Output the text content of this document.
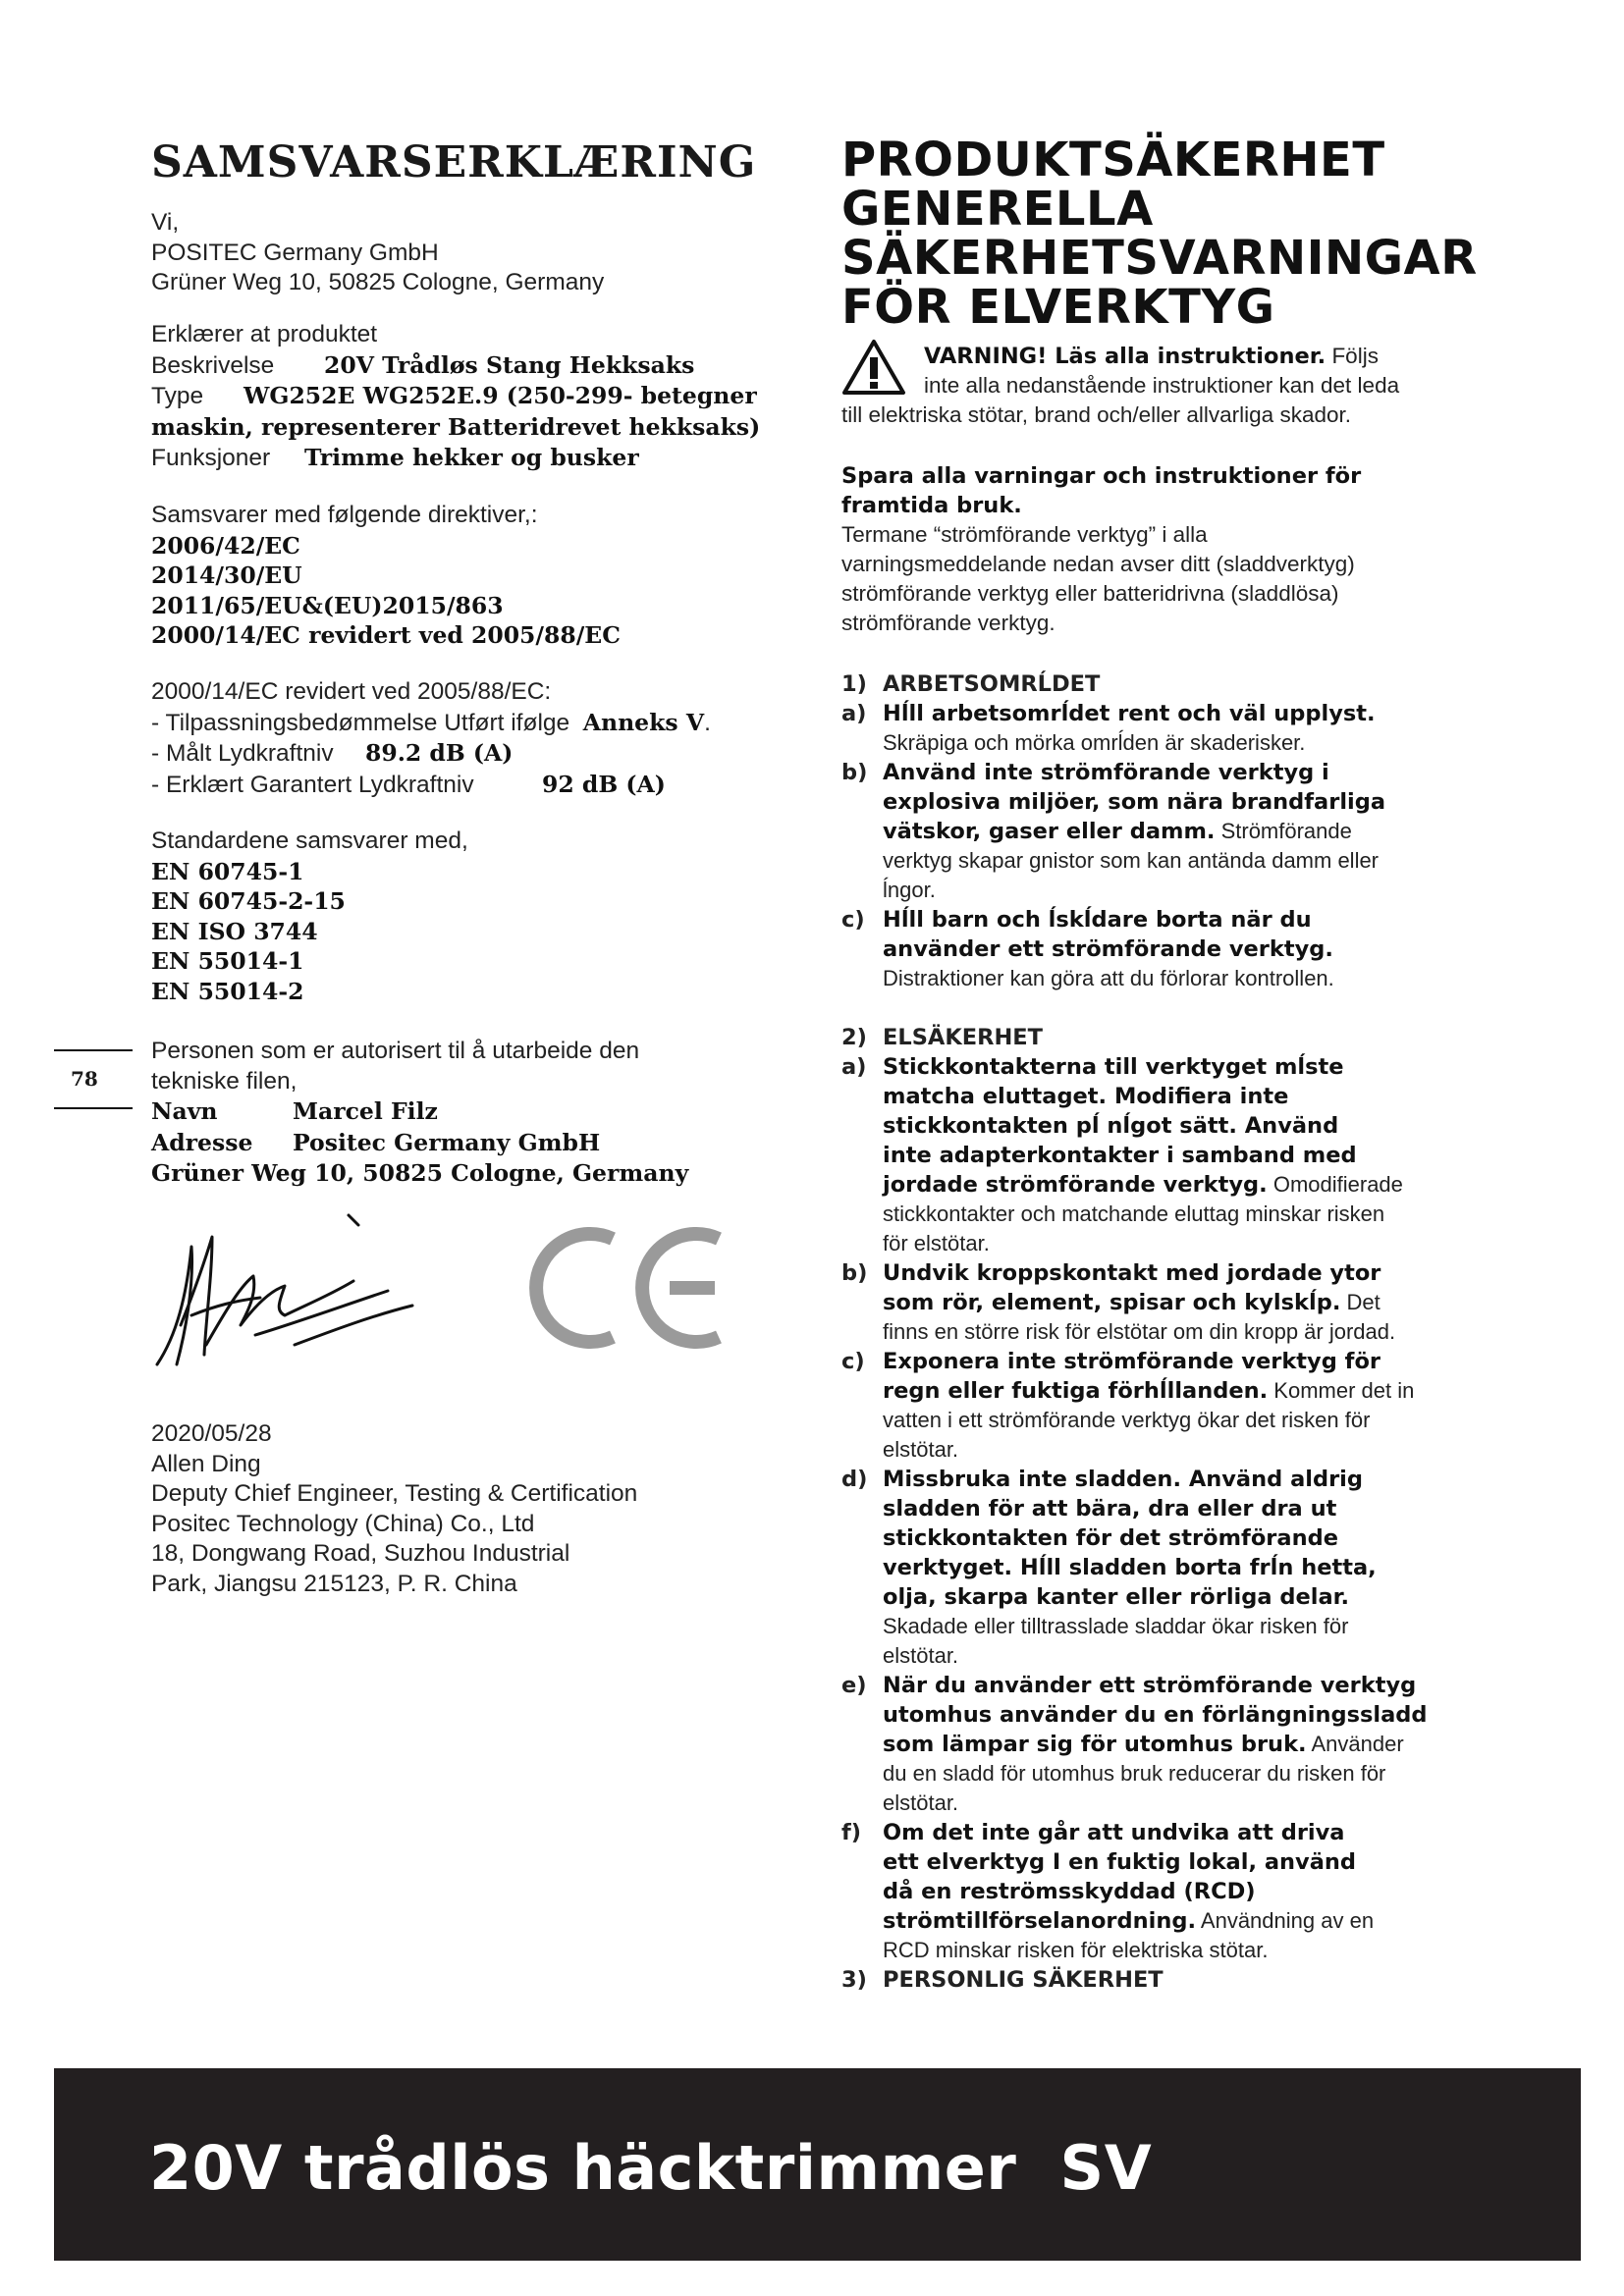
SAMSVARSERKLÆRING

Vi,

POSITEC Germany GmbH

Grüner Weg 10, 50825 Cologne, Germany

Erklærer at produktet

Beskrivelse 20V Trådløs Stang Hekksaks

Type WG252E WG252E.9 (250-299- betegner

maskin, representerer Batteridrevet hekksaks)

Funksjoner Trimme hekker og busker

Samsvarer med følgende direktiver,:

2006/42/EC

2014/30/EU

2011/65/EU&(EU)2015/863

2000/14/EC revidert ved 2005/88/EC

2000/14/EC revidert ved 2005/88/EC:

- Tilpassningsbedømmelse Utført ifølge Anneks V.

- Målt Lydkraftniv 89.2 dB (A)

- Erklært Garantert Lydkraftniv	92 dB (A)

Standardene samsvarer med,

EN 60745-1

EN 60745-2-15

EN ISO 3744

EN 55014-1

EN 55014-2

78

Personen som er autorisert til å utarbeide den

tekniske filen,

Navn	Marcel Filz

Adresse Positec Germany GmbH

Grüner Weg 10, 50825 Cologne, Germany

2020/05/28

Allen Ding

Deputy Chief Engineer, Testing & Certification

Positec Technology (China) Co., Ltd

18, Dongwang Road, Suzhou Industrial

Park, Jiangsu 215123, P. R. China

PRODUKTSÄKERHET
GENERELLA
SÄKERHETSVARNINGAR
FÖR ELVERKTYG

VARNING! Läs alla instruktioner. Följs

inte alla nedanstående instruktioner kan det leda

till elektriska stötar, brand och/eller allvarliga skador.

Spara alla varningar och instruktioner för

framtida bruk.

Termane “strömförande verktyg” i alla

varningsmeddelande nedan avser ditt (sladdverktyg)

strömförande verktyg eller batteridrivna (sladdlösa)

strömförande verktyg.

1) ARBETSOMRĹDET

a) Hĺll arbetsomrĺdet rent och väl upplyst.

Skräpiga och mörka omrĺden är skaderisker.

b) Använd inte strömförande verktyg i

explosiva miljöer, som nära brandfarliga

vätskor, gaser eller damm. Strömförande

verktyg skapar gnistor som kan antända damm eller

ĺngor.

c) Hĺll barn och ĺskĺdare borta när du

använder ett strömförande verktyg.

Distraktioner kan göra att du förlorar kontrollen.

2) ELSÄKERHET

a) Stickkontakterna till verktyget mĺste

matcha eluttaget. Modifiera inte

stickkontakten pĺ nĺgot sätt. Använd

inte adapterkontakter i samband med

jordade strömförande verktyg. Omodifierade

stickkontakter och matchande eluttag minskar risken

för elstötar.

b) Undvik kroppskontakt med jordade ytor

som rör, element, spisar och kylskĺp. Det

finns en större risk för elstötar om din kropp är jordad.

c) Exponera inte strömförande verktyg för

regn eller fuktiga förhĺllanden. Kommer det in

vatten i ett strömförande verktyg ökar det risken för

elstötar.

d) Missbruka inte sladden. Använd aldrig

sladden för att bära, dra eller dra ut

stickkontakten för det strömförande

verktyget. Hĺll sladden borta frĺn hetta,

olja, skarpa kanter eller rörliga delar.

Skadade eller tilltrasslade sladdar ökar risken för

elstötar.

e) När du använder ett strömförande verktyg

utomhus använder du en förlängningssladd

som lämpar sig för utomhus bruk. Använder

du en sladd för utomhus bruk reducerar du risken för

elstötar.

f) Om det inte går att undvika att driva

ett elverktyg I en fuktig lokal, använd

då en reströmsskyddad (RCD)

strömtillförselanordning. Användning av en

RCD minskar risken för elektriska stötar.

3) PERSONLIG SÄKERHET

20V trådlös häcktrimmer  SV
